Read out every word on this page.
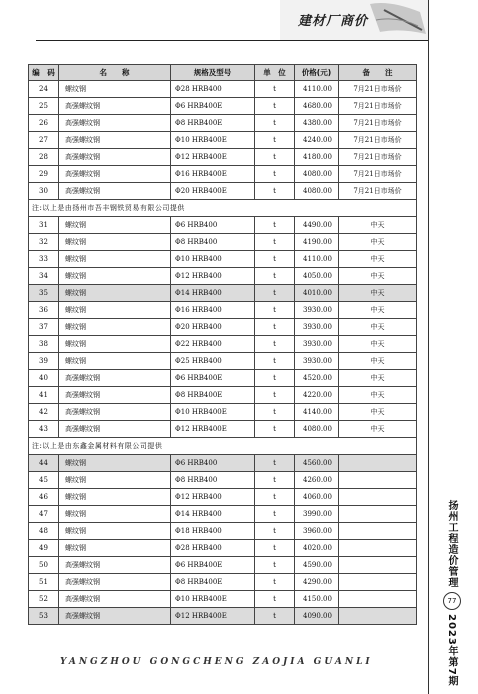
建材厂商价
编　码	名　　称	规格及型号	单　位	价格(元)	备　　注
24	螺纹钢	Φ28 HRB400	t	4110.00	7月21日市场价
25	高强螺纹钢	Φ6 HRB400E	t	4680.00	7月21日市场价
26	高强螺纹钢	Φ8 HRB400E	t	4380.00	7月21日市场价
27	高强螺纹钢	Φ10 HRB400E	t	4240.00	7月21日市场价
28	高强螺纹钢	Φ12 HRB400E	t	4180.00	7月21日市场价
29	高强螺纹钢	Φ16 HRB400E	t	4080.00	7月21日市场价
30	高强螺纹钢	Φ20 HRB400E	t	4080.00	7月21日市场价
注:以上是由扬州市吾丰钢铁贸易有限公司提供					
31	螺纹钢	Φ6 HRB400	t	4490.00	中天
32	螺纹钢	Φ8 HRB400	t	4190.00	中天
33	螺纹钢	Φ10 HRB400	t	4110.00	中天
34	螺纹钢	Φ12 HRB400	t	4050.00	中天
35	螺纹钢	Φ14 HRB400	t	4010.00	中天
36	螺纹钢	Φ16 HRB400	t	3930.00	中天
37	螺纹钢	Φ20 HRB400	t	3930.00	中天
38	螺纹钢	Φ22 HRB400	t	3930.00	中天
39	螺纹钢	Φ25 HRB400	t	3930.00	中天
40	高强螺纹钢	Φ6 HRB400E	t	4520.00	中天
41	高强螺纹钢	Φ8 HRB400E	t	4220.00	中天
42	高强螺纹钢	Φ10 HRB400E	t	4140.00	中天
43	高强螺纹钢	Φ12 HRB400E	t	4080.00	中天
注:以上是由东鑫金属材料有限公司提供					
44	螺纹钢	Φ6 HRB400	t	4560.00	
45	螺纹钢	Φ8 HRB400	t	4260.00	
46	螺纹钢	Φ12 HRB400	t	4060.00	
47	螺纹钢	Φ14 HRB400	t	3990.00	
48	螺纹钢	Φ18 HRB400	t	3960.00	
49	螺纹钢	Φ28 HRB400	t	4020.00	
50	高强螺纹钢	Φ6 HRB400E	t	4590.00	
51	高强螺纹钢	Φ8 HRB400E	t	4290.00	
52	高强螺纹钢	Φ10 HRB400E	t	4150.00	
53	高强螺纹钢	Φ12 HRB400E	t	4090.00	
扬州工程造价管理
77
2023年第7期
YANGZHOU GONGCHENG ZAOJIA GUANLI
